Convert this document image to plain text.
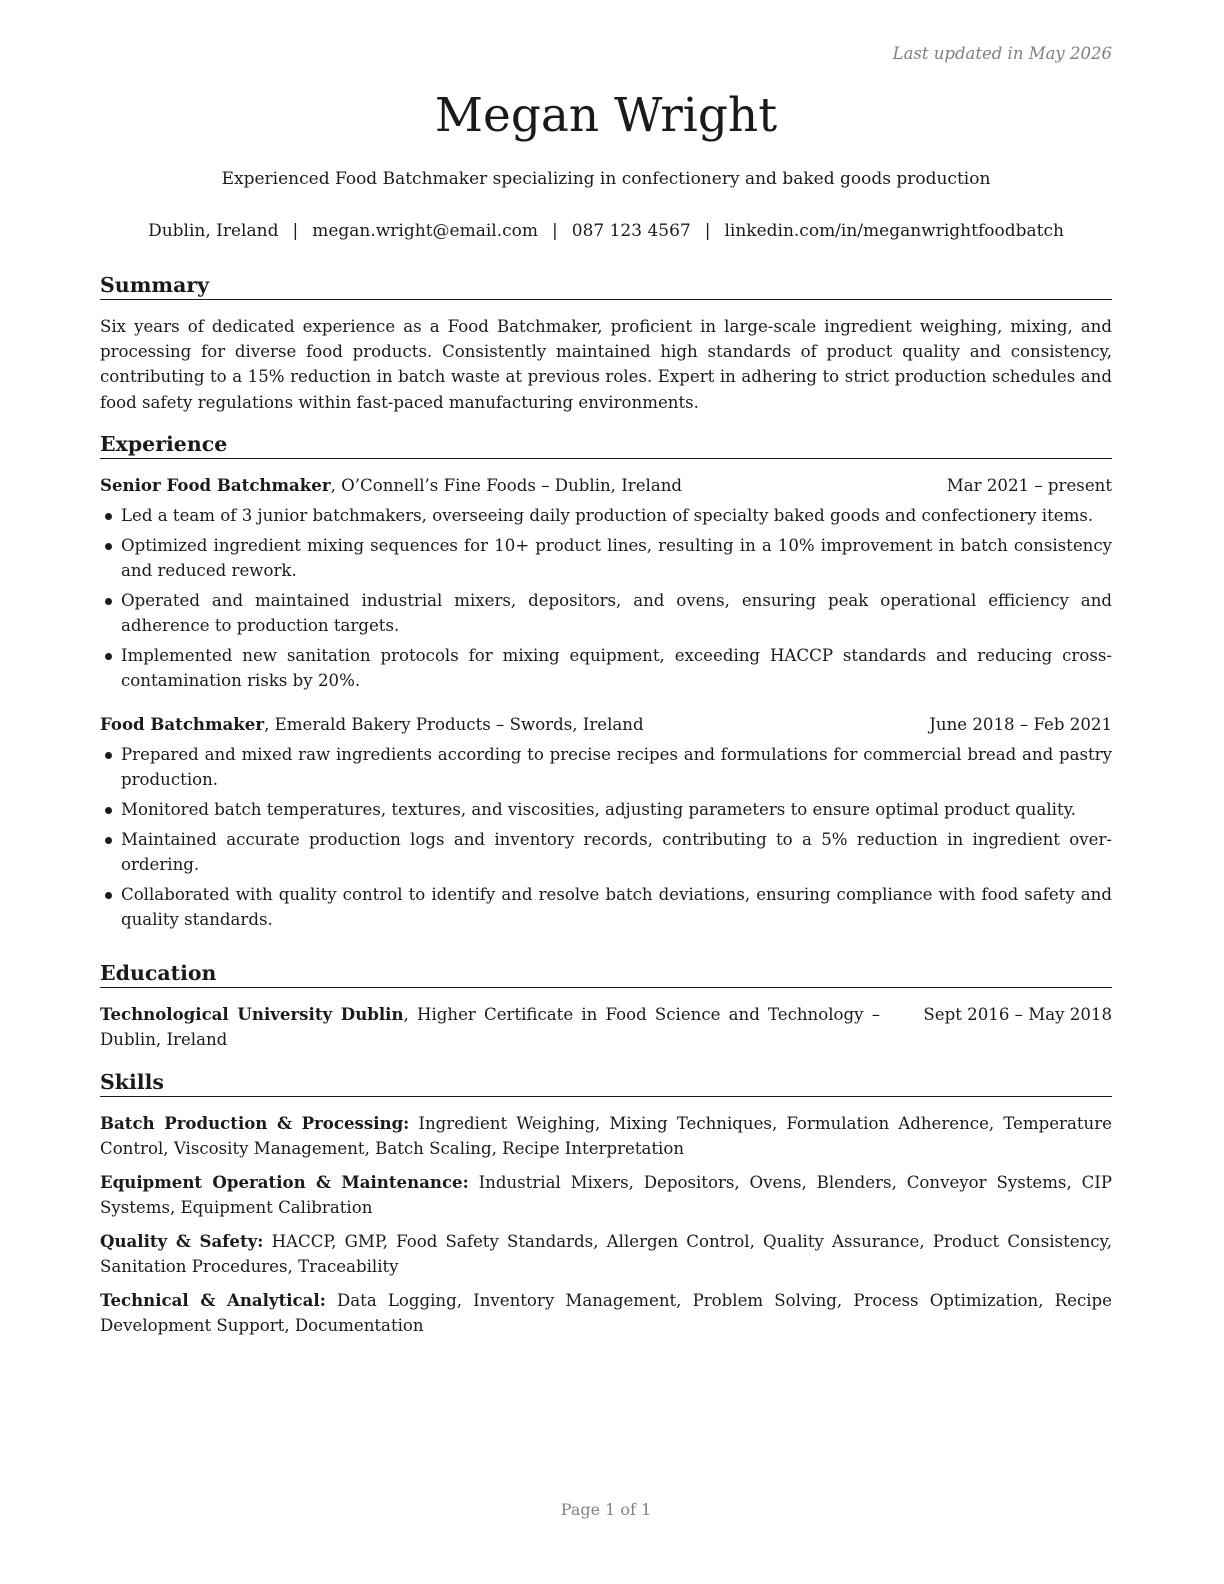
Last updated in May 2026
Megan Wright
Experienced Food Batchmaker specializing in confectionery and baked goods production
Dublin, Ireland | megan.wright@email.com | 087 123 4567 | linkedin.com/in/meganwrightfoodbatch
Summary

Six years of dedicated experience as a Food Batchmaker, proficient in large-scale ingredient weighing, mixing, and processing for diverse food products. Consistently maintained high standards of product quality and consistency, contributing to a 15% reduction in batch waste at previous roles. Expert in adhering to strict production schedules and food safety regulations within fast-paced manufacturing environments.

Experience
Senior Food Batchmaker, O’Connell’s Fine Foods – Dublin, Ireland	Mar 2021 – present
Led a team of 3 junior batchmakers, overseeing daily production of specialty baked goods and confectionery items.
Optimized ingredient mixing sequences for 10+ product lines, resulting in a 10% improvement in batch consistency and reduced rework.
Operated and maintained industrial mixers, depositors, and ovens, ensuring peak operational efficiency and adherence to production targets.
Implemented new sanitation protocols for mixing equipment, exceeding HACCP standards and reducing cross-contamination risks by 20%.
Food Batchmaker, Emerald Bakery Products – Swords, Ireland	June 2018 – Feb 2021
Prepared and mixed raw ingredients according to precise recipes and formulations for commercial bread and pastry production.
Monitored batch temperatures, textures, and viscosities, adjusting parameters to ensure optimal product quality.
Maintained accurate production logs and inventory records, contributing to a 5% reduction in ingredient over-ordering.
Collaborated with quality control to identify and resolve batch deviations, ensuring compliance with food safety and quality standards.
Education
Technological University Dublin, Higher Certificate in Food Science and Technology – Dublin, Ireland
Sept 2016 – May 2018
Skills

Batch Production & Processing: Ingredient Weighing, Mixing Techniques, Formulation Adherence, Temperature Control, Viscosity Management, Batch Scaling, Recipe Interpretation

Equipment Operation & Maintenance: Industrial Mixers, Depositors, Ovens, Blenders, Conveyor Systems, CIP Systems, Equipment Calibration

Quality & Safety: HACCP, GMP, Food Safety Standards, Allergen Control, Quality Assurance, Product Consistency, Sanitation Procedures, Traceability

Technical & Analytical: Data Logging, Inventory Management, Problem Solving, Process Optimization, Recipe Development Support, Documentation

Page 1 of 1
